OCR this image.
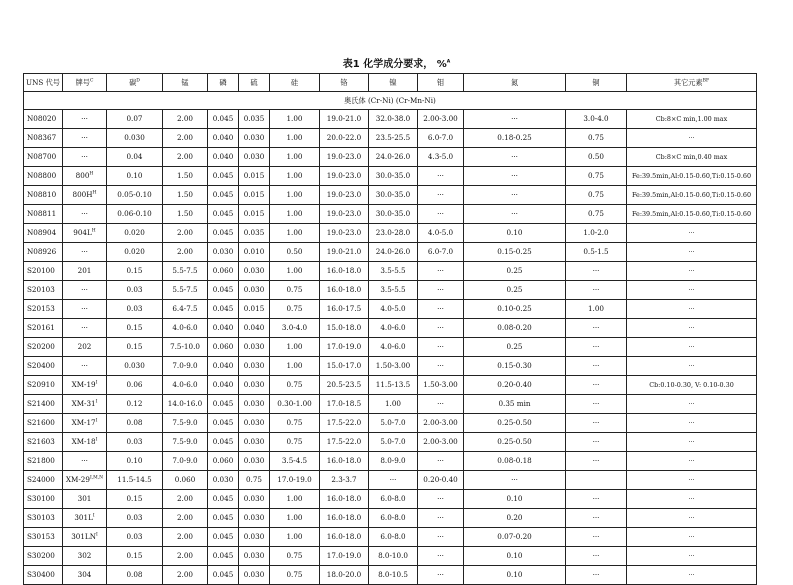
表1 化学成分要求， %$^A$
UNS 代号	牌号$^C$	碳$^D$	锰	磷	硫	硅	铬	镍	钼	氮	铜	其它元素$^{BF}$
奥氏体 (Cr-Ni) (Cr-Mn-Ni)												
N08020	···	0.07	2.00	0.045	0.035	1.00	19.0-21.0	32.0-38.0	2.00-3.00	···	3.0-4.0	Cb:8×C min,1.00 max
N08367	···	0.030	2.00	0.040	0.030	1.00	20.0-22.0	23.5-25.5	6.0-7.0	0.18-0.25	0.75	···
N08700	···	0.04	2.00	0.040	0.030	1.00	19.0-23.0	24.0-26.0	4.3-5.0	···	0.50	Cb:8×C min,0.40 max
N08800	$800^H$	0.10	1.50	0.045	0.015	1.00	19.0-23.0	30.0-35.0	···	···	0.75	Fe:39.5min,Al:0.15-0.60,Ti:0.15-0.60
N08810	$800H^H$	0.05-0.10	1.50	0.045	0.015	1.00	19.0-23.0	30.0-35.0	···	···	0.75	Fe:39.5min,Al:0.15-0.60,Ti:0.15-0.60
N08811	···	0.06-0.10	1.50	0.045	0.015	1.00	19.0-23.0	30.0-35.0	···	···	0.75	Fe:39.5min,Al:0.15-0.60,Ti:0.15-0.60
N08904	$904L^H$	0.020	2.00	0.045	0.035	1.00	19.0-23.0	23.0-28.0	4.0-5.0	0.10	1.0-2.0	···
N08926	···	0.020	2.00	0.030	0.010	0.50	19.0-21.0	24.0-26.0	6.0-7.0	0.15-0.25	0.5-1.5	···
S20100	201	0.15	5.5-7.5	0.060	0.030	1.00	16.0-18.0	3.5-5.5	···	0.25	···	···
S20103	···	0.03	5.5-7.5	0.045	0.030	0.75	16.0-18.0	3.5-5.5	···	0.25	···	···
S20153	···	0.03	6.4-7.5	0.045	0.015	0.75	16.0-17.5	4.0-5.0	···	0.10-0.25	1.00	···
S20161	···	0.15	4.0-6.0	0.040	0.040	3.0-4.0	15.0-18.0	4.0-6.0	···	0.08-0.20	···	···
S20200	202	0.15	7.5-10.0	0.060	0.030	1.00	17.0-19.0	4.0-6.0	···	0.25	···	···
S20400	···	0.030	7.0-9.0	0.040	0.030	1.00	15.0-17.0	1.50-3.00	···	0.15-0.30	···	···
S20910	$XM-19^I$	0.06	4.0-6.0	0.040	0.030	0.75	20.5-23.5	11.5-13.5	1.50-3.00	0.20-0.40	···	Cb:0.10-0.30, V: 0.10-0.30
S21400	$XM-31^I$	0.12	14.0-16.0	0.045	0.030	0.30-1.00	17.0-18.5	1.00	···	0.35 min	···	···
S21600	$XM-17^I$	0.08	7.5-9.0	0.045	0.030	0.75	17.5-22.0	5.0-7.0	2.00-3.00	0.25-0.50	···	···
S21603	$XM-18^I$	0.03	7.5-9.0	0.045	0.030	0.75	17.5-22.0	5.0-7.0	2.00-3.00	0.25-0.50	···	···
S21800	···	0.10	7.0-9.0	0.060	0.030	3.5-4.5	16.0-18.0	8.0-9.0	···	0.08-0.18	···	···
S24000	$XM-29^{I,M,N}$	11.5-14.5	0.060	0.030	0.75	17.0-19.0	2.3-3.7	···	0.20-0.40	···		···
S30100	301	0.15	2.00	0.045	0.030	1.00	16.0-18.0	6.0-8.0	···	0.10	···	···
S30103	$301L^I$	0.03	2.00	0.045	0.030	1.00	16.0-18.0	6.0-8.0	···	0.20	···	···
S30153	$301LN^I$	0.03	2.00	0.045	0.030	1.00	16.0-18.0	6.0-8.0	···	0.07-0.20	···	···
S30200	302	0.15	2.00	0.045	0.030	0.75	17.0-19.0	8.0-10.0	···	0.10	···	···
S30400	304	0.08	2.00	0.045	0.030	0.75	18.0-20.0	8.0-10.5	···	0.10	···	···
